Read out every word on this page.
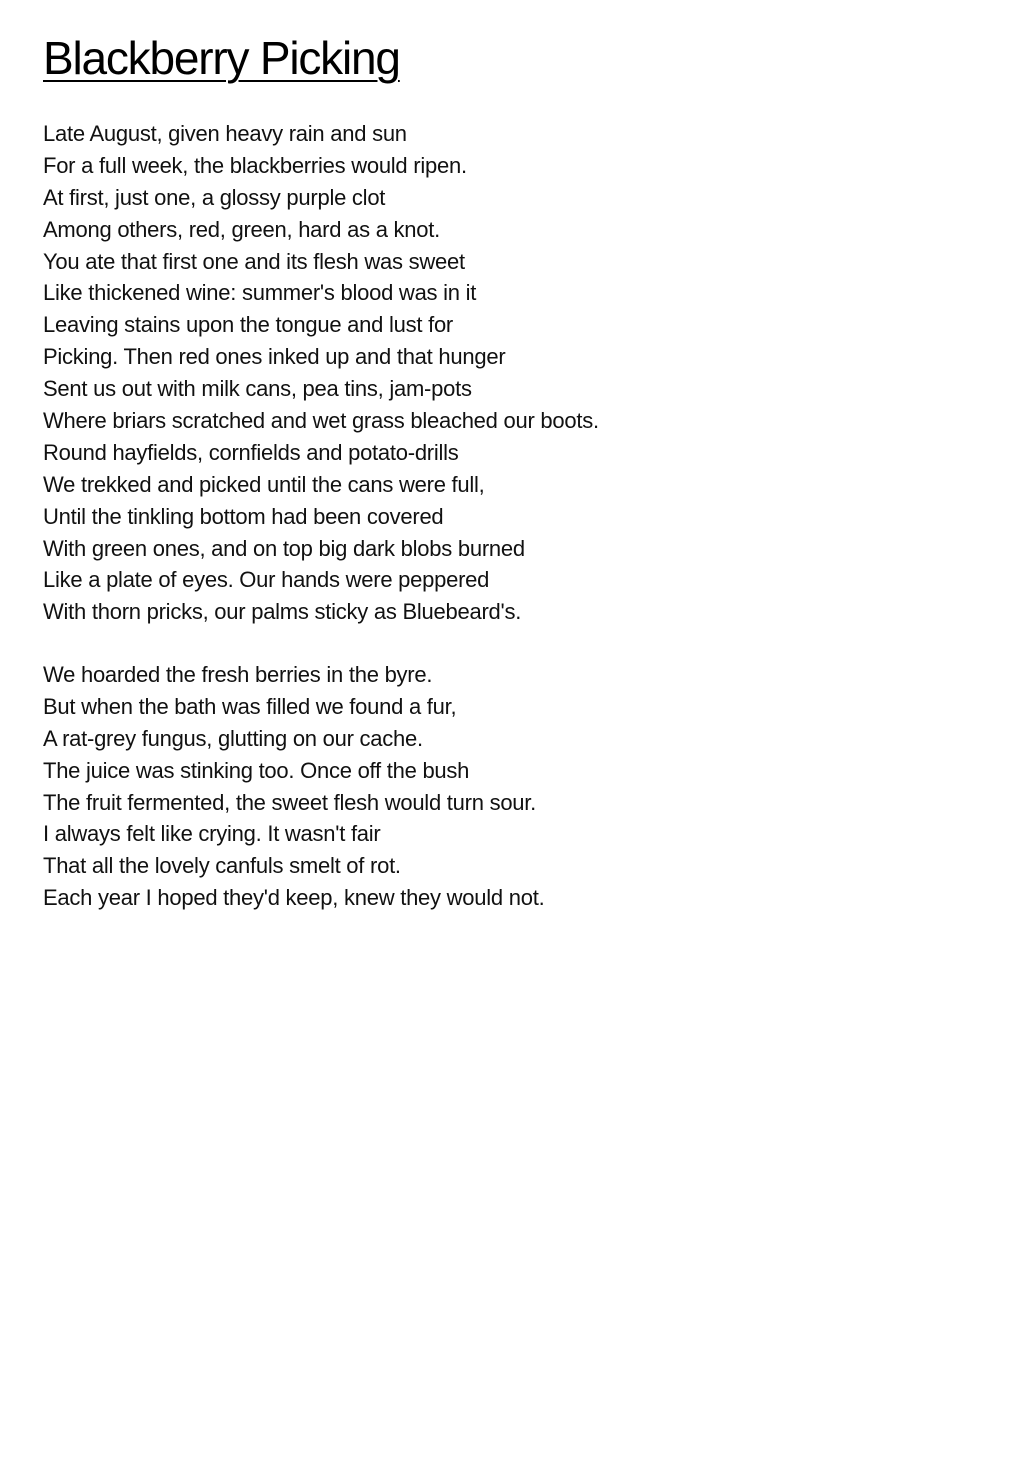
Blackberry Picking
Late August, given heavy rain and sun
For a full week, the blackberries would ripen.
At first, just one, a glossy purple clot
Among others, red, green, hard as a knot.
You ate that first one and its flesh was sweet
Like thickened wine: summer's blood was in it
Leaving stains upon the tongue and lust for
Picking. Then red ones inked up and that hunger
Sent us out with milk cans, pea tins, jam-pots
Where briars scratched and wet grass bleached our boots.
Round hayfields, cornfields and potato-drills
We trekked and picked until the cans were full,
Until the tinkling bottom had been covered
With green ones, and on top big dark blobs burned
Like a plate of eyes. Our hands were peppered
With thorn pricks, our palms sticky as Bluebeard's.
We hoarded the fresh berries in the byre.
But when the bath was filled we found a fur,
A rat-grey fungus, glutting on our cache.
The juice was stinking too. Once off the bush
The fruit fermented, the sweet flesh would turn sour.
I always felt like crying. It wasn't fair
That all the lovely canfuls smelt of rot.
Each year I hoped they'd keep, knew they would not.
